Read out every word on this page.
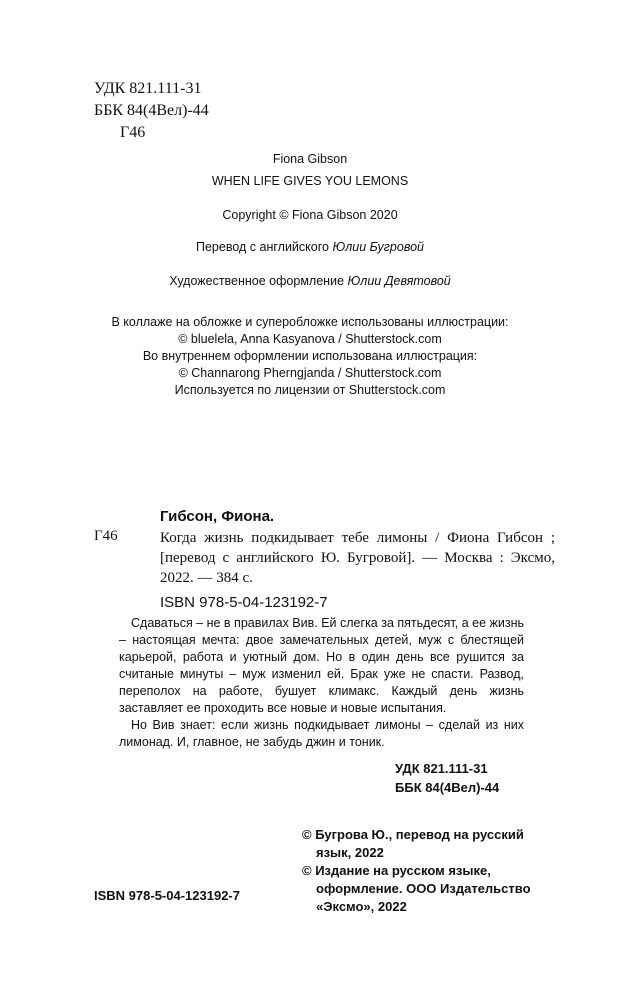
УДК 821.111-31
ББК 84(4Вел)-44
Г46
Fiona Gibson
WHEN LIFE GIVES YOU LEMONS
Copyright © Fiona Gibson 2020
Перевод с английского Юлии Бугровой
Художественное оформление Юлии Девятовой
В коллаже на обложке и суперобложке использованы иллюстрации:
© bluelela, Anna Kasyanova / Shutterstock.com
Во внутреннем оформлении использована иллюстрация:
© Channarong Pherngjanda / Shutterstock.com
Используется по лицензии от Shutterstock.com
Гибсон, Фиона.
Г46	Когда жизнь подкидывает тебе лимоны / Фиона Гибсон ; [перевод с английского Ю. Бугровой]. — Москва : Эксмо, 2022. — 384 с.
ISBN 978-5-04-123192-7

Сдаваться – не в правилах Вив. Ей слегка за пятьдесят, а ее жизнь – настоящая мечта: двое замечательных детей, муж с блестящей карьерой, работа и уютный дом. Но в один день все рушится за считаные минуты – муж изменил ей. Брак уже не спасти. Развод, переполох на работе, бушует климакс. Каждый день жизнь заставляет ее проходить все новые и новые испытания.

Но Вив знает: если жизнь подкидывает лимоны – сделай из них лимонад. И, главное, не забудь джин и тоник.

УДК 821.111-31
ББК 84(4Вел)-44
© Бугрова Ю., перевод на русский
язык, 2022
© Издание на русском языке,
оформление. ООО Издательство
«Эксмо», 2022
ISBN 978-5-04-123192-7
